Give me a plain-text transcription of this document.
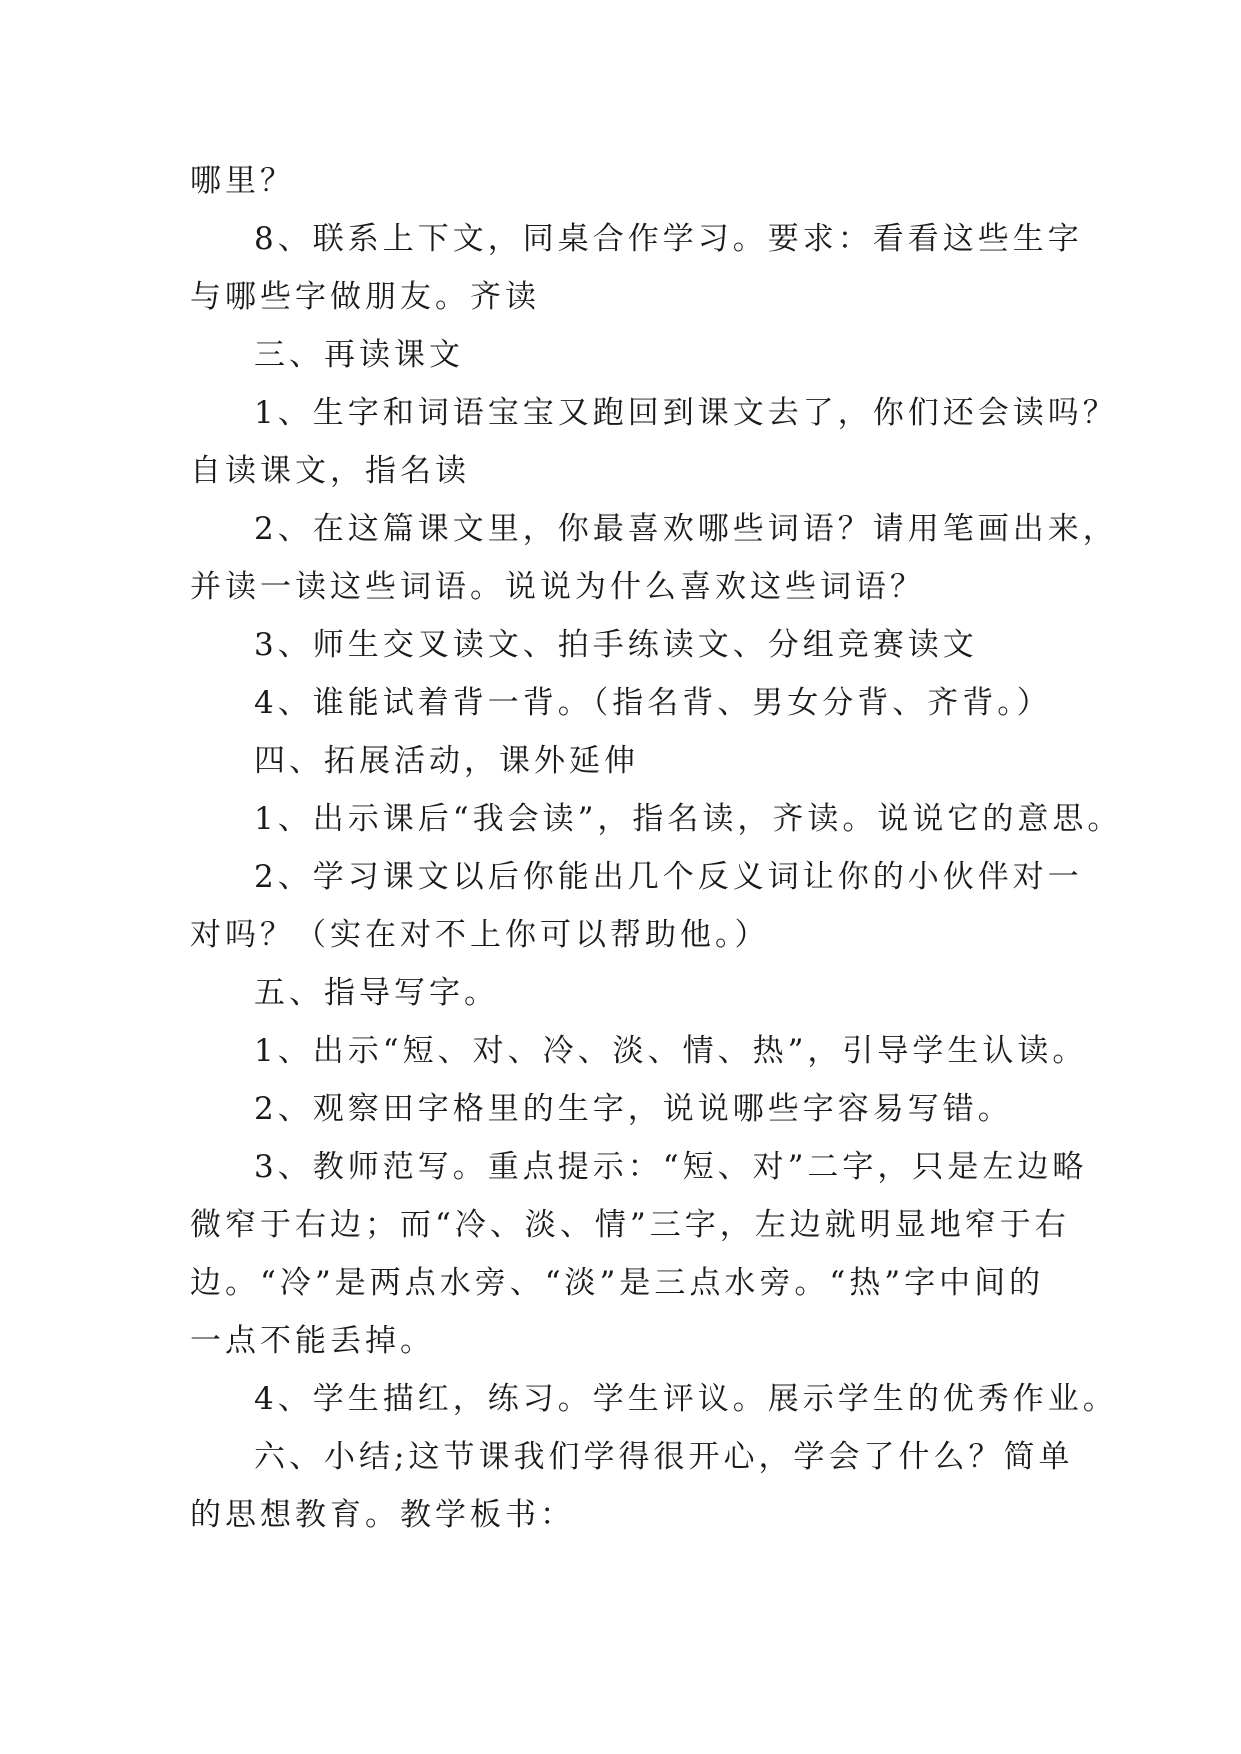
哪里？
8、联系上下文，同桌合作学习。要求：看看这些生字
与哪些字做朋友。齐读
三、再读课文
1、生字和词语宝宝又跑回到课文去了，你们还会读吗？
自读课文，指名读
2、在这篇课文里，你最喜欢哪些词语？请用笔画出来，
并读一读这些词语。说说为什么喜欢这些词语？
3、师生交叉读文、拍手练读文、分组竞赛读文
4、谁能试着背一背。（指名背、男女分背、齐背。）
四、拓展活动，课外延伸
1、出示课后“我会读”，指名读，齐读。说说它的意思。
2、学习课文以后你能出几个反义词让你的小伙伴对一
对吗？（实在对不上你可以帮助他。）
五、指导写字。
1、出示“短、对、冷、淡、情、热”，引导学生认读。
2、观察田字格里的生字，说说哪些字容易写错。
3、教师范写。重点提示：“短、对”二字，只是左边略
微窄于右边；而“冷、淡、情”三字，左边就明显地窄于右
边。“冷”是两点水旁、“淡”是三点水旁。“热”字中间的
一点不能丢掉。
4、学生描红，练习。学生评议。展示学生的优秀作业。
六、小结;这节课我们学得很开心，学会了什么？简单
的思想教育。教学板书：
